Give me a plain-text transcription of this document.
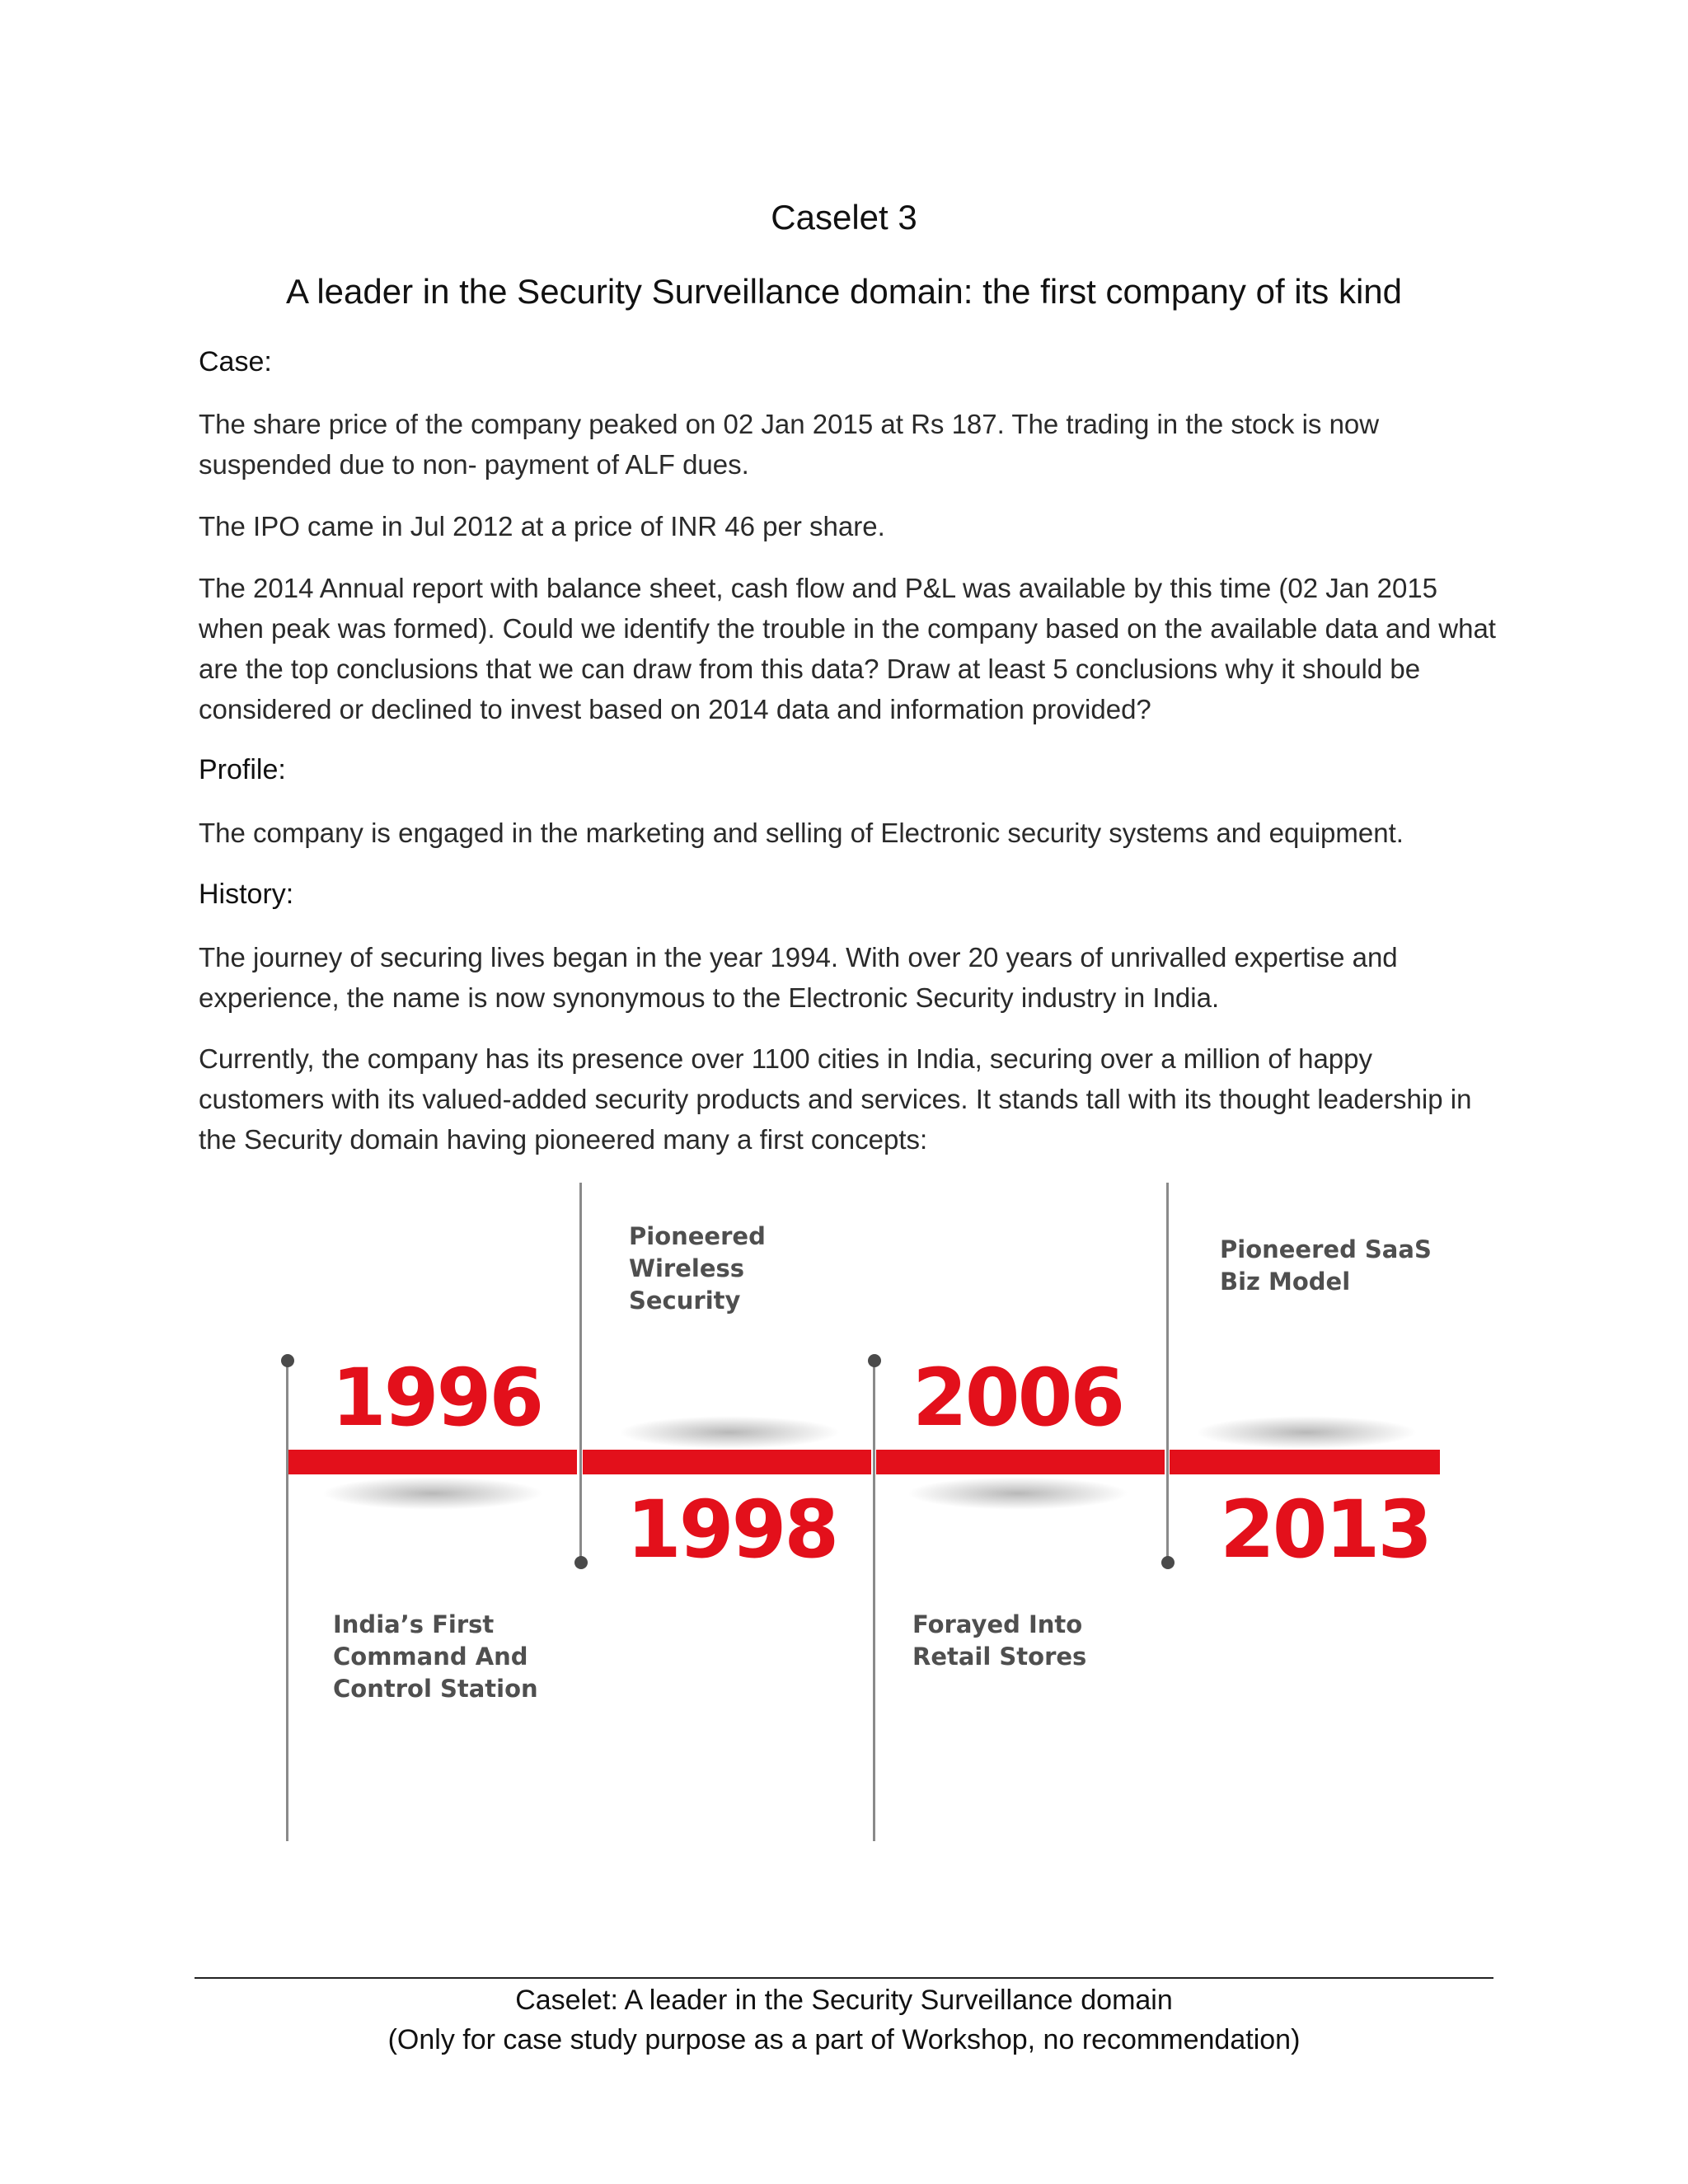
Caselet 3
A leader in the Security Surveillance domain: the first company of its kind
Case:
The share price of the company peaked on 02 Jan 2015 at Rs 187. The trading in the stock is now suspended due to non- payment of ALF dues.
The IPO came in Jul 2012 at a price of INR 46 per share.
The 2014 Annual report with balance sheet, cash flow and P&L was available by this time (02 Jan 2015 when peak was formed). Could we identify the trouble in the company based on the available data and what are the top conclusions that we can draw from this data? Draw at least 5 conclusions why it should be considered or declined to invest based on 2014 data and information provided?
Profile:
The company is engaged in the marketing and selling of Electronic security systems and equipment.
History:
The journey of securing lives began in the year 1994. With over 20 years of unrivalled expertise and experience, the name is now synonymous to the Electronic Security industry in India.
Currently, the company has its presence over 1100 cities in India, securing over a million of happy customers with its valued-added security products and services. It stands tall with its thought leadership in the Security domain having pioneered many a first concepts:
1996
1998
2006
2013
India’s First Command And Control Station
Pioneered Wireless Security
Forayed Into Retail Stores
Pioneered SaaS Biz Model
Caselet: A leader in the Security Surveillance domain
(Only for case study purpose as a part of Workshop, no recommendation)
